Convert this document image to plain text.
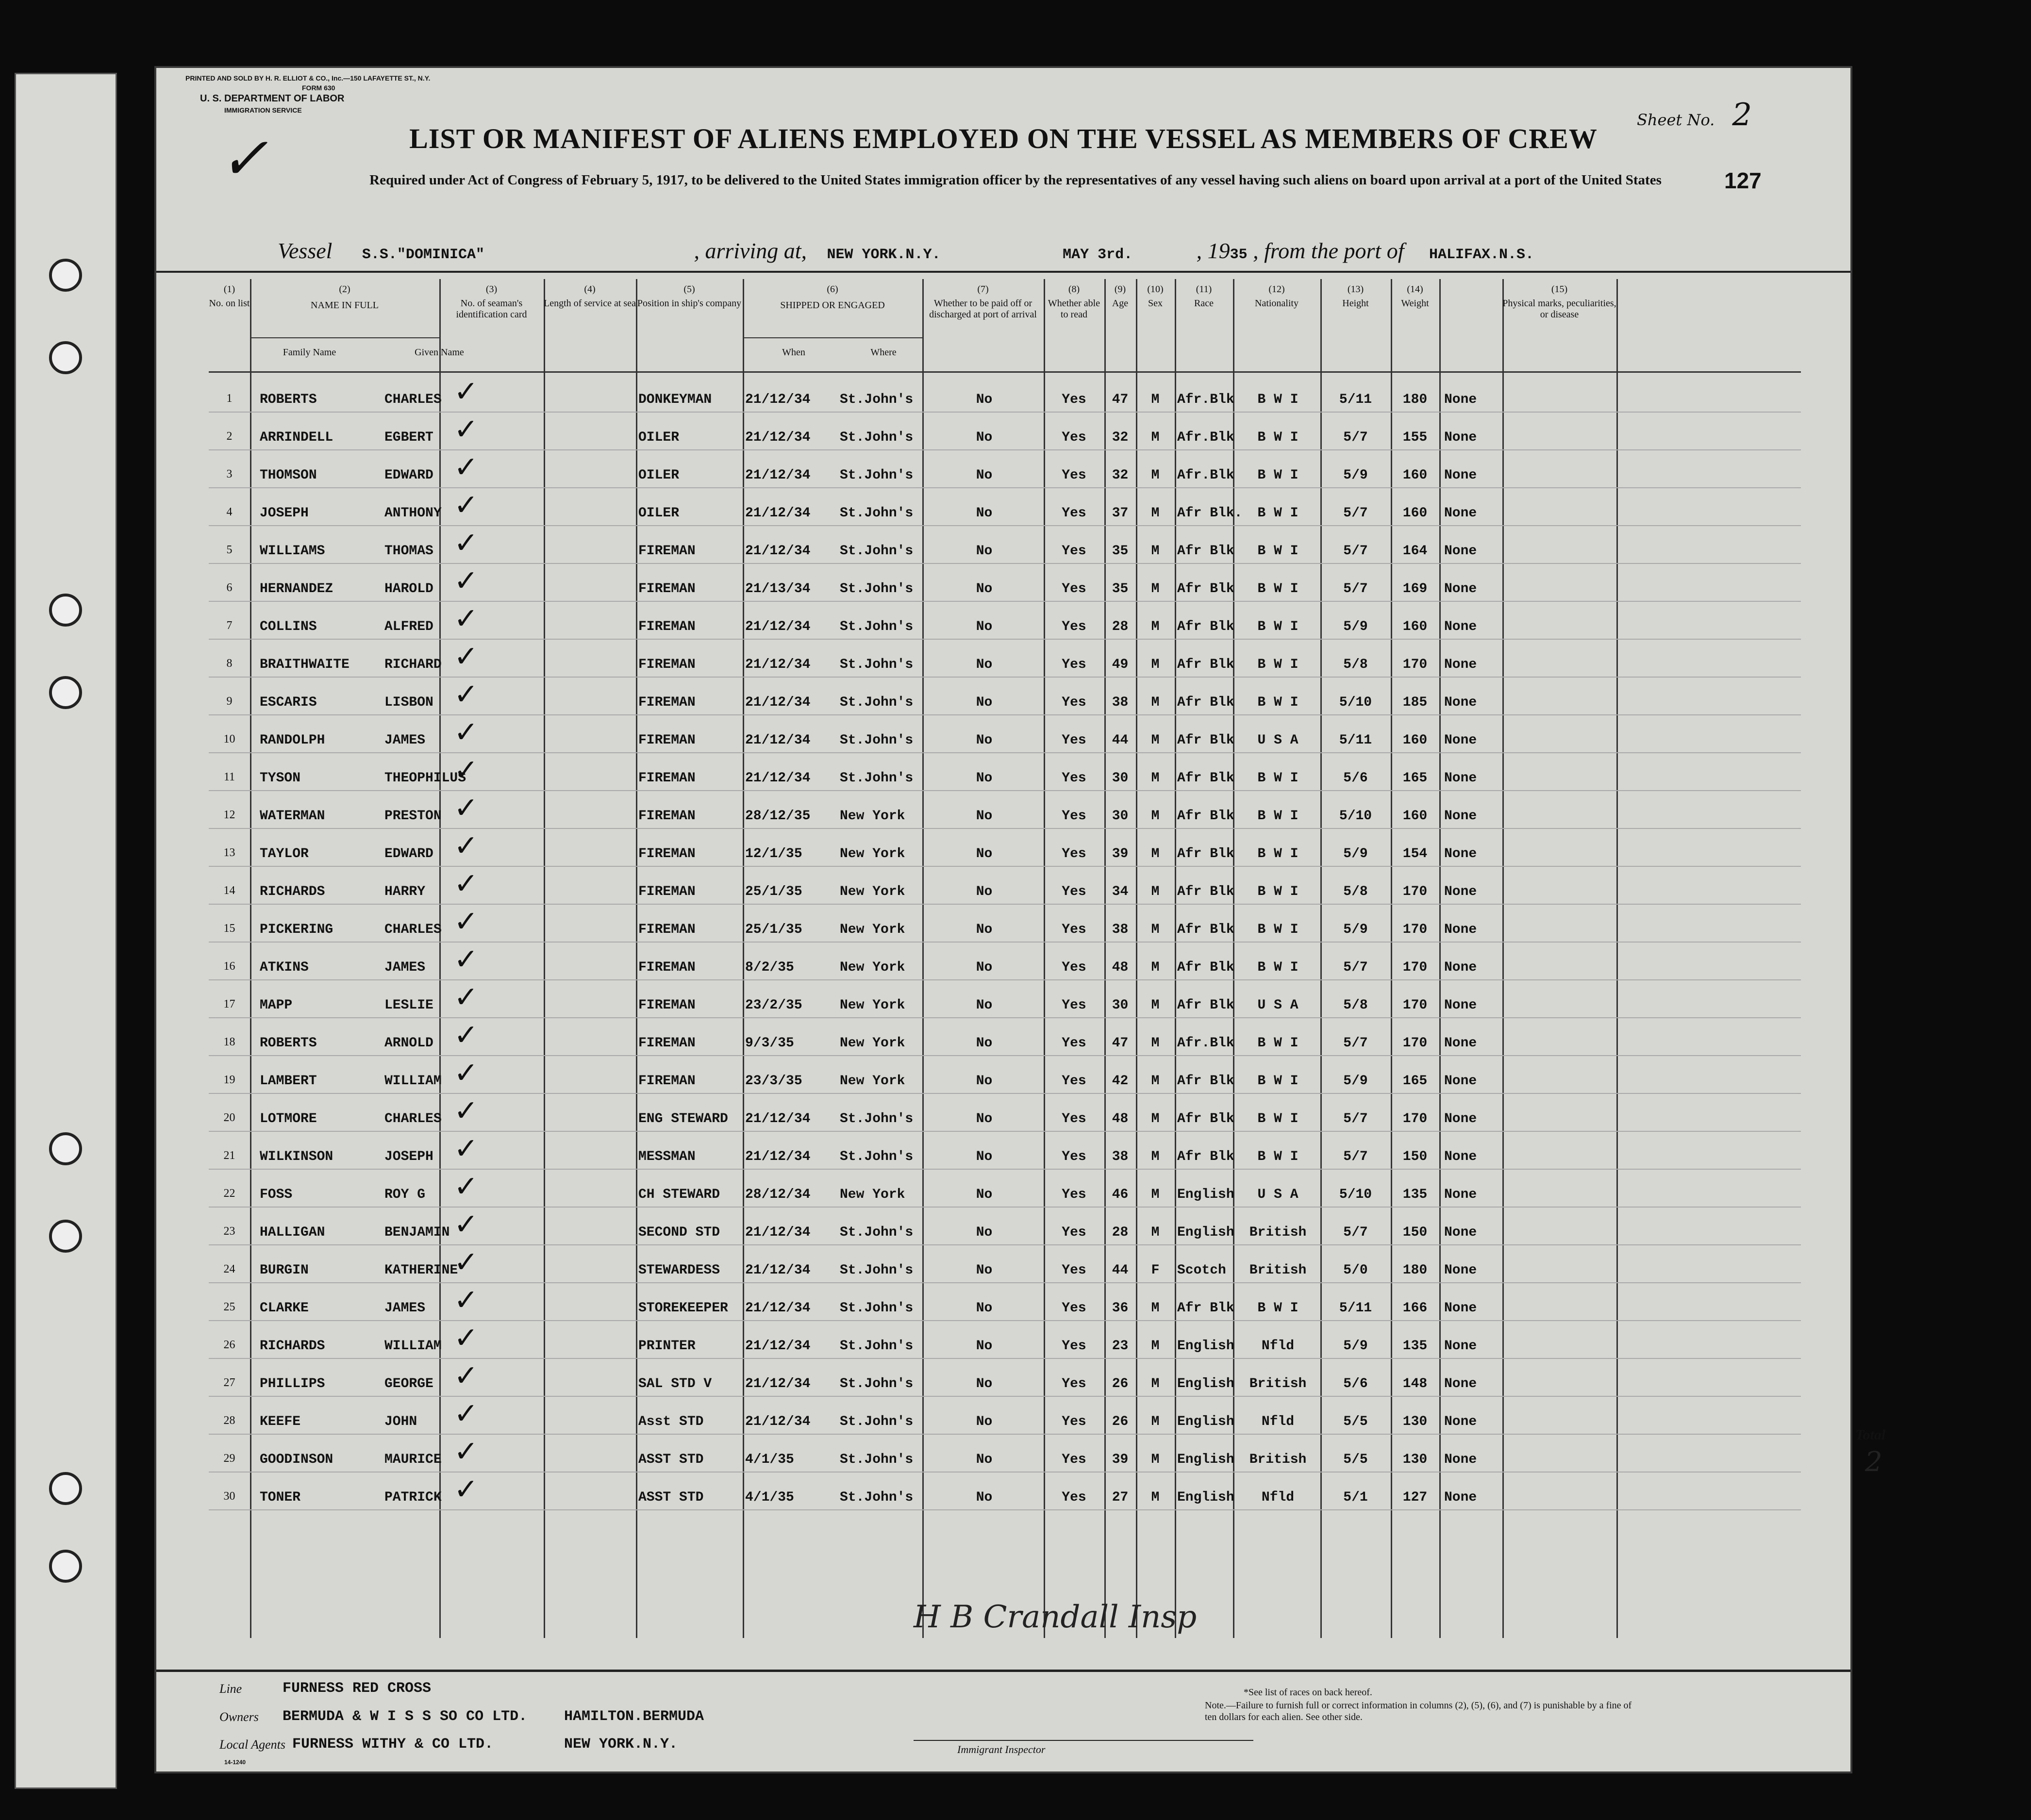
PRINTED AND SOLD BY H. R. ELLIOT & CO., Inc.—150 LAFAYETTE ST., N.Y.
FORM 630
U. S. DEPARTMENT OF LABOR
IMMIGRATION SERVICE
✓
Sheet No. 2
LIST OR MANIFEST OF ALIENS EMPLOYED ON THE VESSEL AS MEMBERS OF CREW
Required under Act of Congress of February 5, 1917, to be delivered to the United States immigration officer by the representatives of any vessel having such aliens on board upon arrival at a port of the United States	127
Vessel S.S."DOMINICA"	, arriving at, NEW YORK.N.Y.	MAY 3rd.	, 1935 , from the port of HALIFAX.N.S.
(1)
No. on list
(2)
NAME IN FULL
(3)
No. of seaman's identification card
(4)
Length of service at sea
(5)
Position in ship's company
(6)
SHIPPED OR ENGAGED
(7)
Whether to be paid off or discharged at port of arrival
(8)
Whether able to read
(9)
Age
(10)
Sex
(11)
Race
(12)
Nationality
(13)
Height
(14)
Weight
(15)
Physical marks, peculiarities, or disease
Family Name	Given Name	When	Where
1	ROBERTS	CHARLES	DONKEYMAN	21/12/34	St.John's	No	Yes	47	M	Afr.Blk	B W I	5/11	180	None
✓
2	ARRINDELL	EGBERT	OILER	21/12/34	St.John's	No	Yes	32	M	Afr.Blk	B W I	5/7	155	None
✓
3	THOMSON	EDWARD	OILER	21/12/34	St.John's	No	Yes	32	M	Afr.Blk	B W I	5/9	160	None
✓
4	JOSEPH	ANTHONY	OILER	21/12/34	St.John's	No	Yes	37	M	Afr Blk.	B W I	5/7	160	None
✓
5	WILLIAMS	THOMAS	FIREMAN	21/12/34	St.John's	No	Yes	35	M	Afr Blk	B W I	5/7	164	None
✓
6	HERNANDEZ	HAROLD	FIREMAN	21/13/34	St.John's	No	Yes	35	M	Afr Blk	B W I	5/7	169	None
✓
7	COLLINS	ALFRED	FIREMAN	21/12/34	St.John's	No	Yes	28	M	Afr Blk	B W I	5/9	160	None
✓
8	BRAITHWAITE	RICHARD	FIREMAN	21/12/34	St.John's	No	Yes	49	M	Afr Blk	B W I	5/8	170	None
✓
9	ESCARIS	LISBON	FIREMAN	21/12/34	St.John's	No	Yes	38	M	Afr Blk	B W I	5/10	185	None
✓
10	RANDOLPH	JAMES	FIREMAN	21/12/34	St.John's	No	Yes	44	M	Afr Blk	U S A	5/11	160	None
✓
11	TYSON	THEOPHILUS	FIREMAN	21/12/34	St.John's	No	Yes	30	M	Afr Blk	B W I	5/6	165	None
✓
12	WATERMAN	PRESTON	FIREMAN	28/12/35	New York	No	Yes	30	M	Afr Blk	B W I	5/10	160	None
✓
13	TAYLOR	EDWARD	FIREMAN	12/1/35	New York	No	Yes	39	M	Afr Blk	B W I	5/9	154	None
✓
14	RICHARDS	HARRY	FIREMAN	25/1/35	New York	No	Yes	34	M	Afr Blk	B W I	5/8	170	None
✓
15	PICKERING	CHARLES	FIREMAN	25/1/35	New York	No	Yes	38	M	Afr Blk	B W I	5/9	170	None
✓
16	ATKINS	JAMES	FIREMAN	8/2/35	New York	No	Yes	48	M	Afr Blk	B W I	5/7	170	None
✓
17	MAPP	LESLIE	FIREMAN	23/2/35	New York	No	Yes	30	M	Afr Blk	U S A	5/8	170	None
✓
18	ROBERTS	ARNOLD	FIREMAN	9/3/35	New York	No	Yes	47	M	Afr.Blk	B W I	5/7	170	None
✓
19	LAMBERT	WILLIAM	FIREMAN	23/3/35	New York	No	Yes	42	M	Afr Blk	B W I	5/9	165	None
✓
20	LOTMORE	CHARLES	ENG STEWARD	21/12/34	St.John's	No	Yes	48	M	Afr Blk	B W I	5/7	170	None
✓
21	WILKINSON	JOSEPH	MESSMAN	21/12/34	St.John's	No	Yes	38	M	Afr Blk	B W I	5/7	150	None
✓
22	FOSS	ROY G	CH STEWARD	28/12/34	New York	No	Yes	46	M	English	U S A	5/10	135	None
✓
23	HALLIGAN	BENJAMIN	SECOND STD	21/12/34	St.John's	No	Yes	28	M	English	British	5/7	150	None
✓
24	BURGIN	KATHERINE	STEWARDESS	21/12/34	St.John's	No	Yes	44	F	Scotch	British	5/0	180	None
✓
25	CLARKE	JAMES	STOREKEEPER	21/12/34	St.John's	No	Yes	36	M	Afr Blk	B W I	5/11	166	None
✓
26	RICHARDS	WILLIAM	PRINTER	21/12/34	St.John's	No	Yes	23	M	English	Nfld	5/9	135	None
✓
27	PHILLIPS	GEORGE	SAL STD V	21/12/34	St.John's	No	Yes	26	M	English	British	5/6	148	None
✓
28	KEEFE	JOHN	Asst STD	21/12/34	St.John's	No	Yes	26	M	English	Nfld	5/5	130	None
✓
29	GOODINSON	MAURICE	ASST STD	4/1/35	St.John's	No	Yes	39	M	English	British	5/5	130	None
✓
30	TONER	PATRICK	ASST STD	4/1/35	St.John's	No	Yes	27	M	English	Nfld	5/1	127	None
✓
H B Crandall Insp
Total
2
Line	FURNESS RED CROSS
Owners BERMUDA & W I S S SO CO LTD.	HAMILTON.BERMUDA
Local Agents FURNESS WITHY & CO LTD.	NEW YORK.N.Y.	Immigrant Inspector
14-1240
*See list of races on back hereof.
Note.—Failure to furnish full or correct information in columns (2), (5), (6), and (7) is punishable by a fine of ten dollars for each alien. See other side.
